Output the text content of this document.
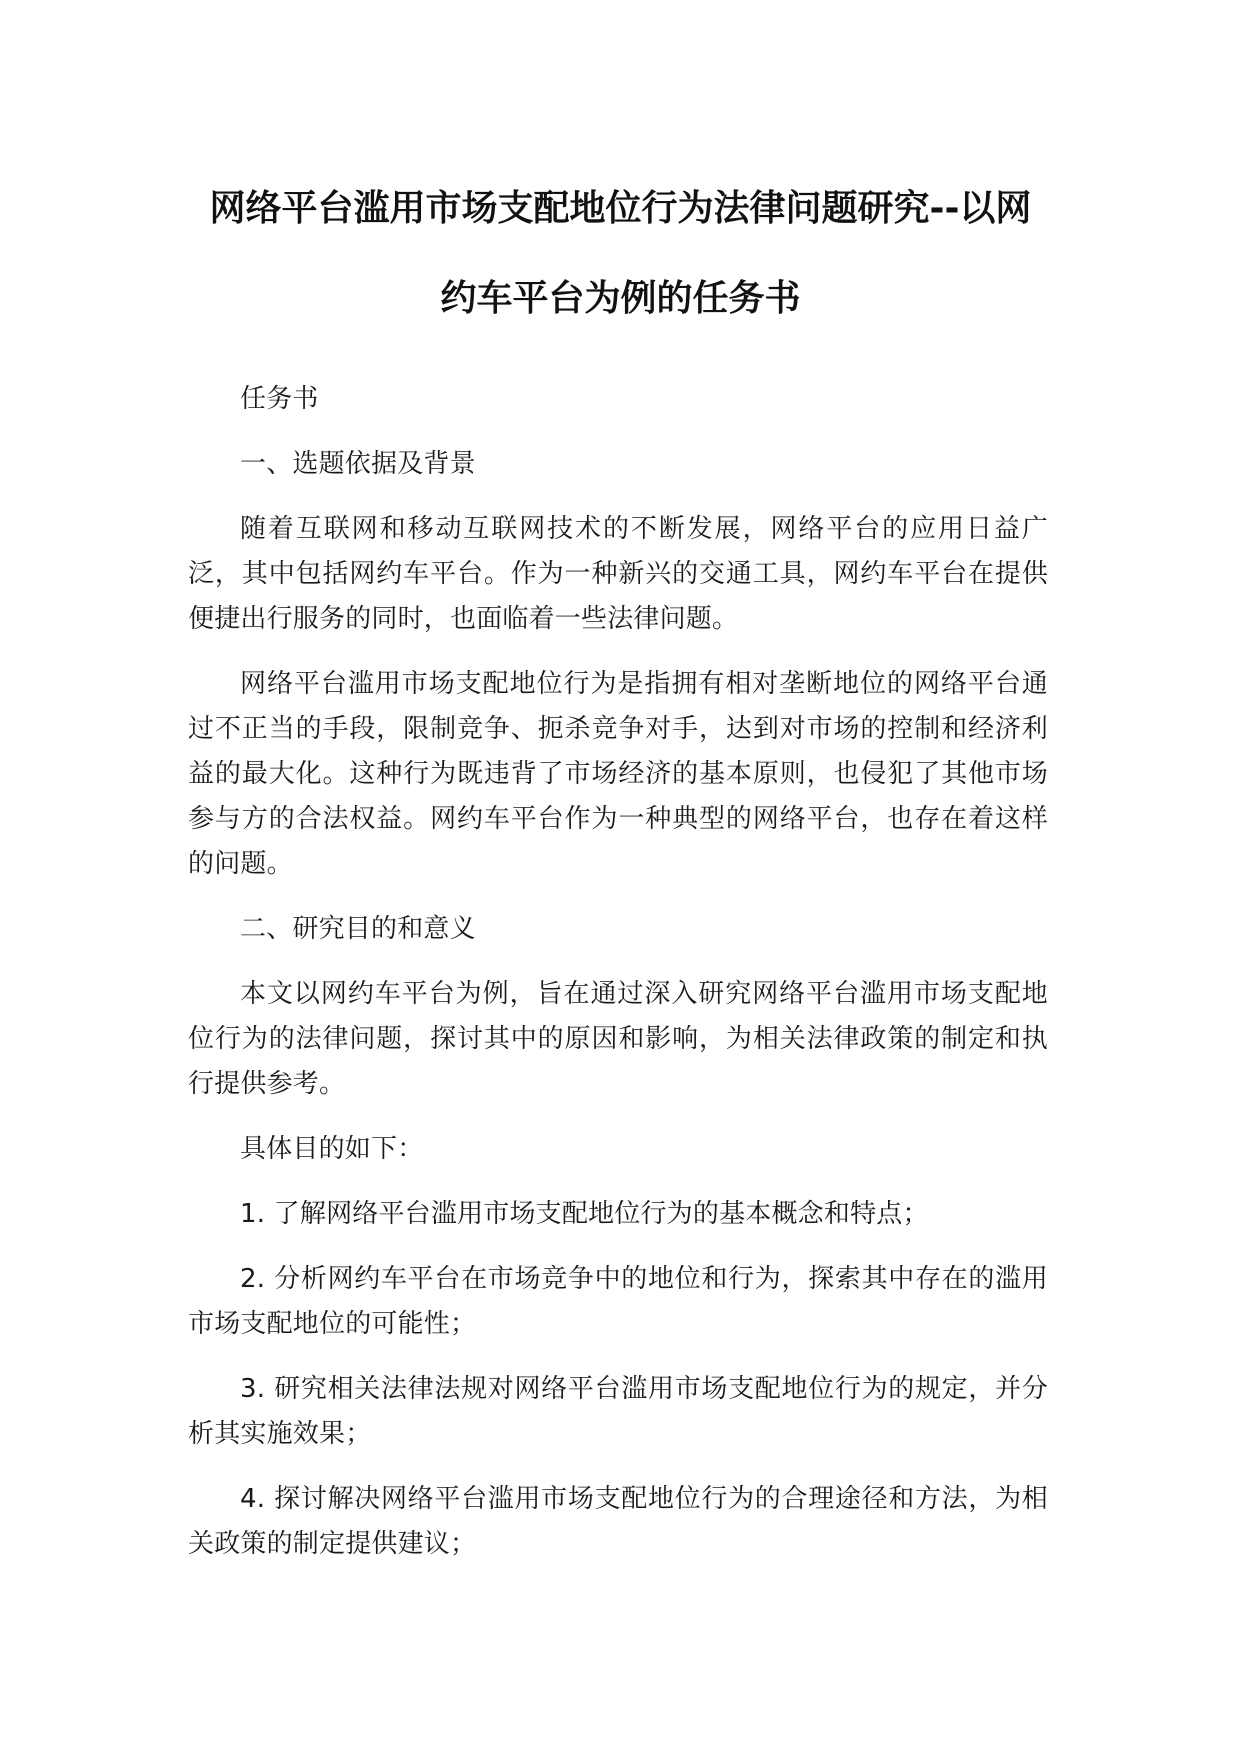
网络平台滥用市场支配地位行为法律问题研究--以网
约车平台为例的任务书

任务书

一、选题依据及背景

随着互联网和移动互联网技术的不断发展，网络平台的应用日益广泛，其中包括网约车平台。作为一种新兴的交通工具，网约车平台在提供便捷出行服务的同时，也面临着一些法律问题。

网络平台滥用市场支配地位行为是指拥有相对垄断地位的网络平台通过不正当的手段，限制竞争、扼杀竞争对手，达到对市场的控制和经济利益的最大化。这种行为既违背了市场经济的基本原则，也侵犯了其他市场参与方的合法权益。网约车平台作为一种典型的网络平台，也存在着这样的问题。

二、研究目的和意义

本文以网约车平台为例，旨在通过深入研究网络平台滥用市场支配地位行为的法律问题，探讨其中的原因和影响，为相关法律政策的制定和执行提供参考。

具体目的如下：

1. 了解网络平台滥用市场支配地位行为的基本概念和特点；

2. 分析网约车平台在市场竞争中的地位和行为，探索其中存在的滥用市场支配地位的可能性；

3. 研究相关法律法规对网络平台滥用市场支配地位行为的规定，并分析其实施效果；

4. 探讨解决网络平台滥用市场支配地位行为的合理途径和方法，为相关政策的制定提供建议；
